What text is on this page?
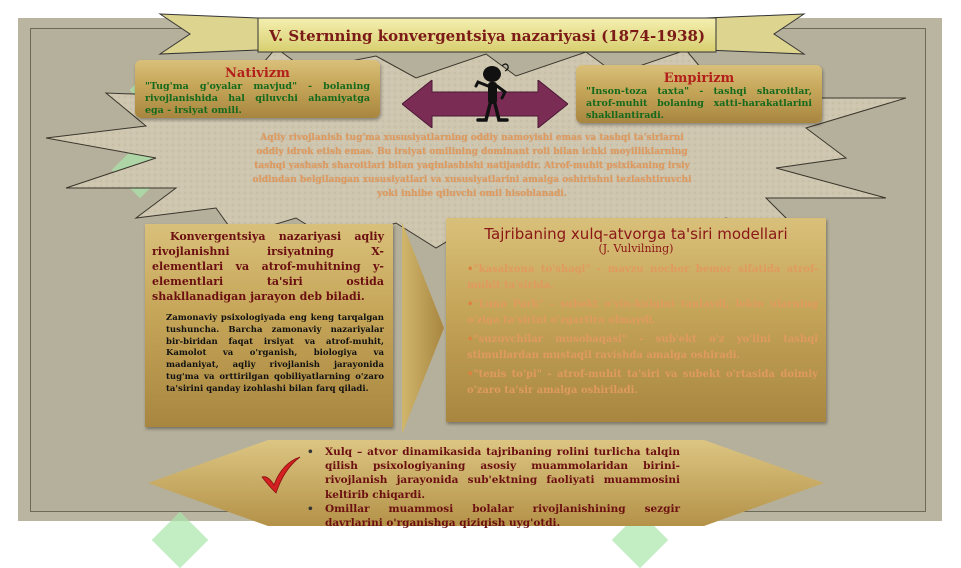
V. Sternning konvergentsiya nazariyasi (1874-1938)
Nativizm
"Tug'ma g'oyalar mavjud" - bolaning rivojlanishida hal qiluvchi ahamiyatga ega - irsiyat omili.
Empirizm
"Inson-toza taxta" - tashqi sharoitlar, atrof-muhit bolaning xatti-harakatlarini shakllantiradi.
Aqliy rivojlanish tug'ma xususiyatlarning oddiy namoyishi emas va tashqi ta'sirlarni oddiy idrok etish emas. Bu irsiyat omilining dominant roli bilan ichki moyilliklarning tashqi yashash sharoitlari bilan yaqinlashishi natijasidir. Atrof-muhit psixikaning irsiy oldindan belgilangan xususiyatlari va xususiyatlarini amalga oshirishni tezlashtiruvchi yoki inhibe qiluvchi omil hisoblanadi.
Konvergentsiya nazariyasi aqliy rivojlanishni irsiyatning X-elementlari va atrof-muhitning y-elementlari ta'siri ostida shakllanadigan jarayon deb biladi.
Zamonaviy psixologiyada eng keng tarqalgan tushuncha. Barcha zamonaviy nazariyalar bir-biridan faqat irsiyat va atrof-muhit, Kamolot va o'rganish, biologiya va madaniyat, aqliy rivojlanish jarayonida tug'ma va orttirilgan qobiliyatlarning o'zaro ta'sirini qanday izohlashi bilan farq qiladi.
Tajribaning xulq-atvorga ta'siri modellari
(J. Vulvilning)
•"kasalxona to'shagi" - mavzu nochor bemor sifatida atrof-muhit ta'sirida.
•"Luna Park" - subekt o'yin-kulgini tanlaydi, lekin ularning o'ziga ta'sirini o'zgartira olmaydi.
•"suzuvchilar musobaqasi" - sub'ekt o'z yo'lini tashqi stimullardan mustaqil ravishda amalga oshiradi.
•"tenis to'pi" - atrof-muhit ta'siri va subekt o'rtasida doimiy o'zaro ta'sir amalga oshiriladi.
• Xulq – atvor dinamikasida tajribaning rolini turlicha talqin qilish psixologiyaning asosiy muammolaridan birini-rivojlanish jarayonida sub'ektning faoliyati muammosini keltirib chiqardi.
• Omillar muammosi bolalar rivojlanishining sezgir davrlarini o'rganishga qiziqish uyg'otdi.
